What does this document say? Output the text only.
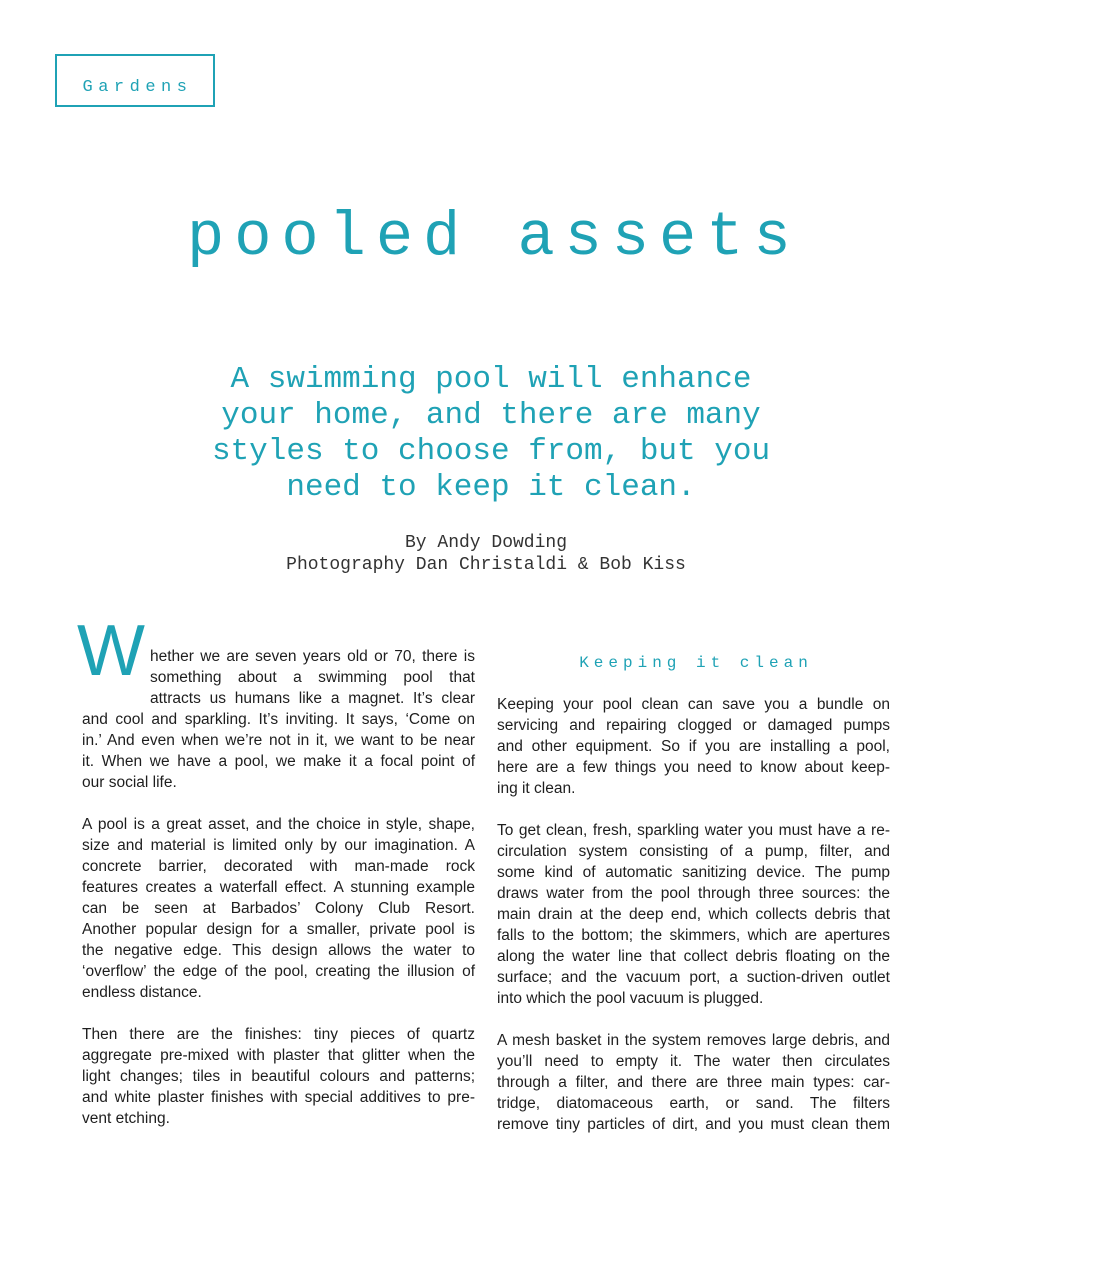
Gardens
pooled assets
A swimming pool will enhance
your home, and there are many
styles to choose from, but you
need to keep it clean.
By Andy Dowding
Photography Dan Christaldi & Bob Kiss
W hether we are seven years old or 70, there is
something about a swimming pool that
attracts us humans like a magnet. It’s clear
and cool and sparkling. It’s inviting. It says, ‘Come on
in.’ And even when we’re not in it, we want to be near
it. When we have a pool, we make it a focal point of
our social life.
A pool is a great asset, and the choice in style, shape,
size and material is limited only by our imagination. A
concrete barrier, decorated with man-made rock
features creates a waterfall effect. A stunning example
can be seen at Barbados’ Colony Club Resort.
Another popular design for a smaller, private pool is
the negative edge. This design allows the water to
‘overflow’ the edge of the pool, creating the illusion of
endless distance.
Then there are the finishes: tiny pieces of quartz
aggregate pre-mixed with plaster that glitter when the
light changes; tiles in beautiful colours and patterns;
and white plaster finishes with special additives to pre-
vent etching.
Keeping it clean
Keeping your pool clean can save you a bundle on
servicing and repairing clogged or damaged pumps
and other equipment. So if you are installing a pool,
here are a few things you need to know about keep-
ing it clean.
To get clean, fresh, sparkling water you must have a re-
circulation system consisting of a pump, filter, and
some kind of automatic sanitizing device. The pump
draws water from the pool through three sources: the
main drain at the deep end, which collects debris that
falls to the bottom; the skimmers, which are apertures
along the water line that collect debris floating on the
surface; and the vacuum port, a suction-driven outlet
into which the pool vacuum is plugged.
A mesh basket in the system removes large debris, and
you’ll need to empty it. The water then circulates
through a filter, and there are three main types: car-
tridge, diatomaceous earth, or sand. The filters
remove tiny particles of dirt, and you must clean them
